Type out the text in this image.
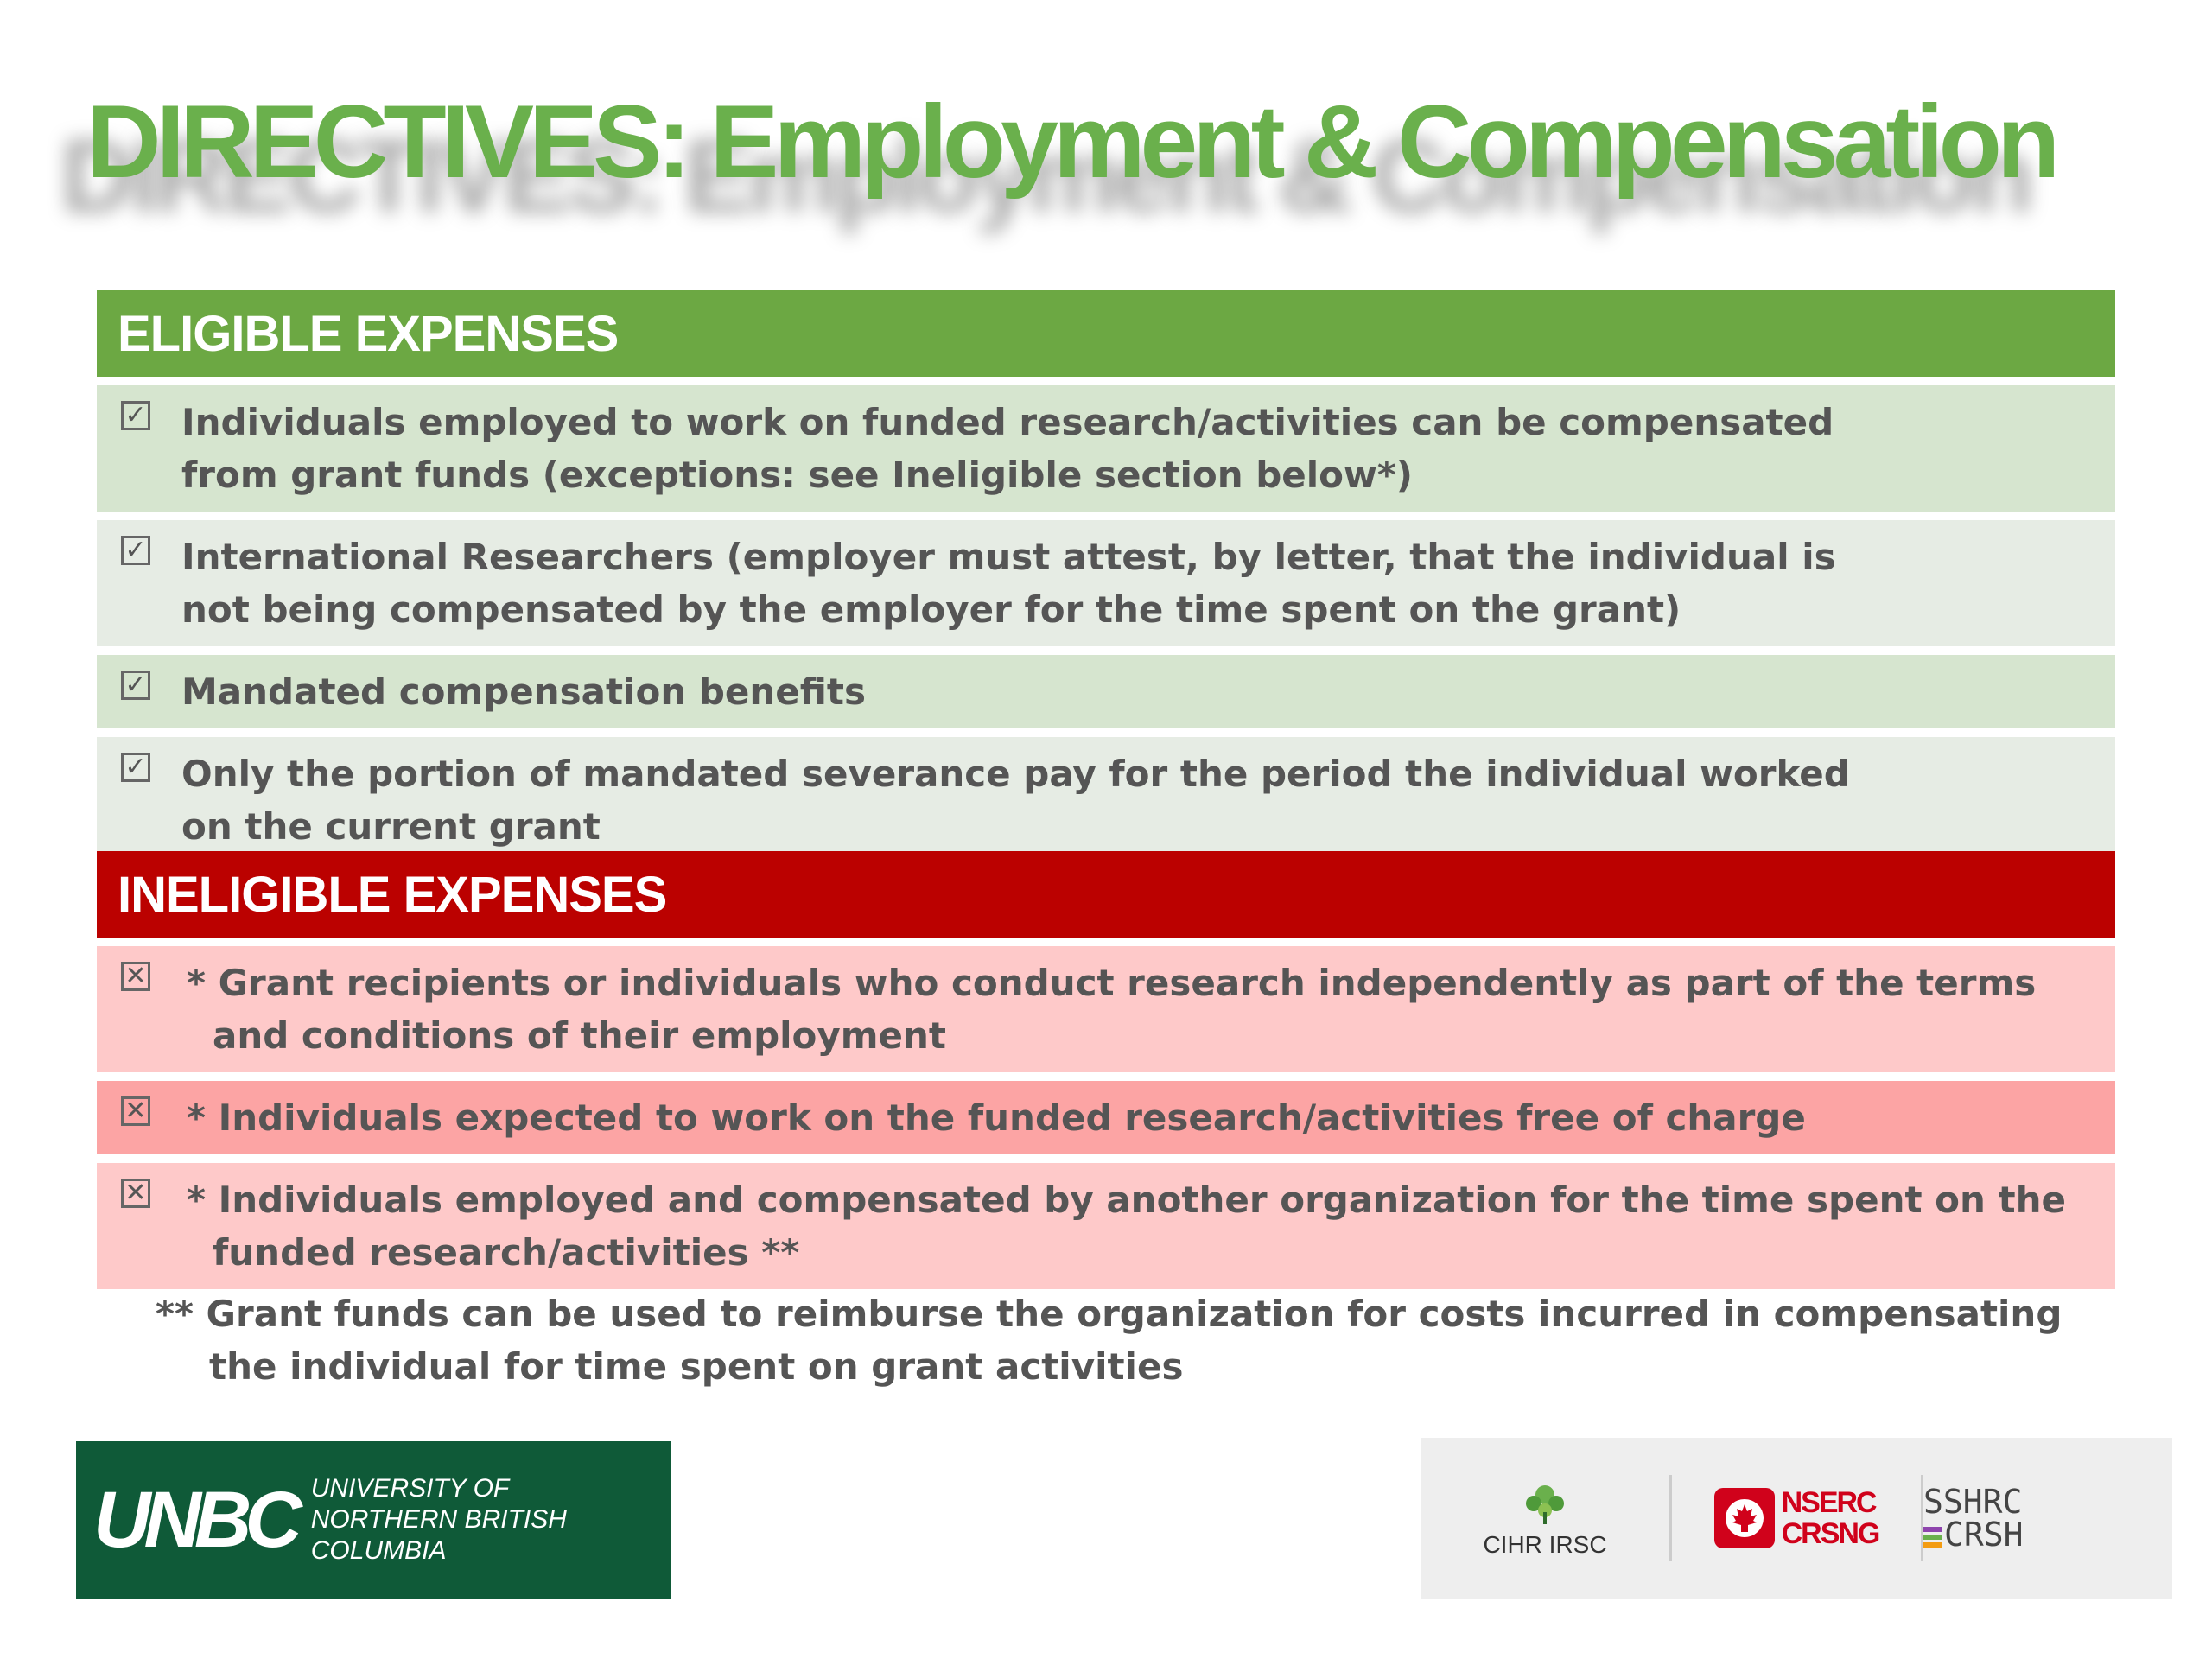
DIRECTIVES: Employment & Compensation
ELIGIBLE EXPENSES
✓ Individuals employed to work on funded research/activities can be compensated from grant funds (exceptions: see Ineligible section below*)
✓ International Researchers (employer must attest, by letter, that the individual is not being compensated by the employer for the time spent on the grant)
✓ Mandated compensation benefits
✓ Only the portion of mandated severance pay for the period the individual worked on the current grant
INELIGIBLE EXPENSES
✕ * Grant recipients or individuals who conduct research independently as part of the terms and conditions of their employment
✕ * Individuals expected to work on the funded research/activities free of charge
✕ * Individuals employed and compensated by another organization for the time spent on the funded research/activities **
** Grant funds can be used to reimburse the organization for costs incurred in compensating the individual for time spent on grant activities
UNBC UNIVERSITY OF
NORTHERN BRITISH COLUMBIA	CIHR IRSC
NSERC
CRSNG
SSHRC
CRSH
